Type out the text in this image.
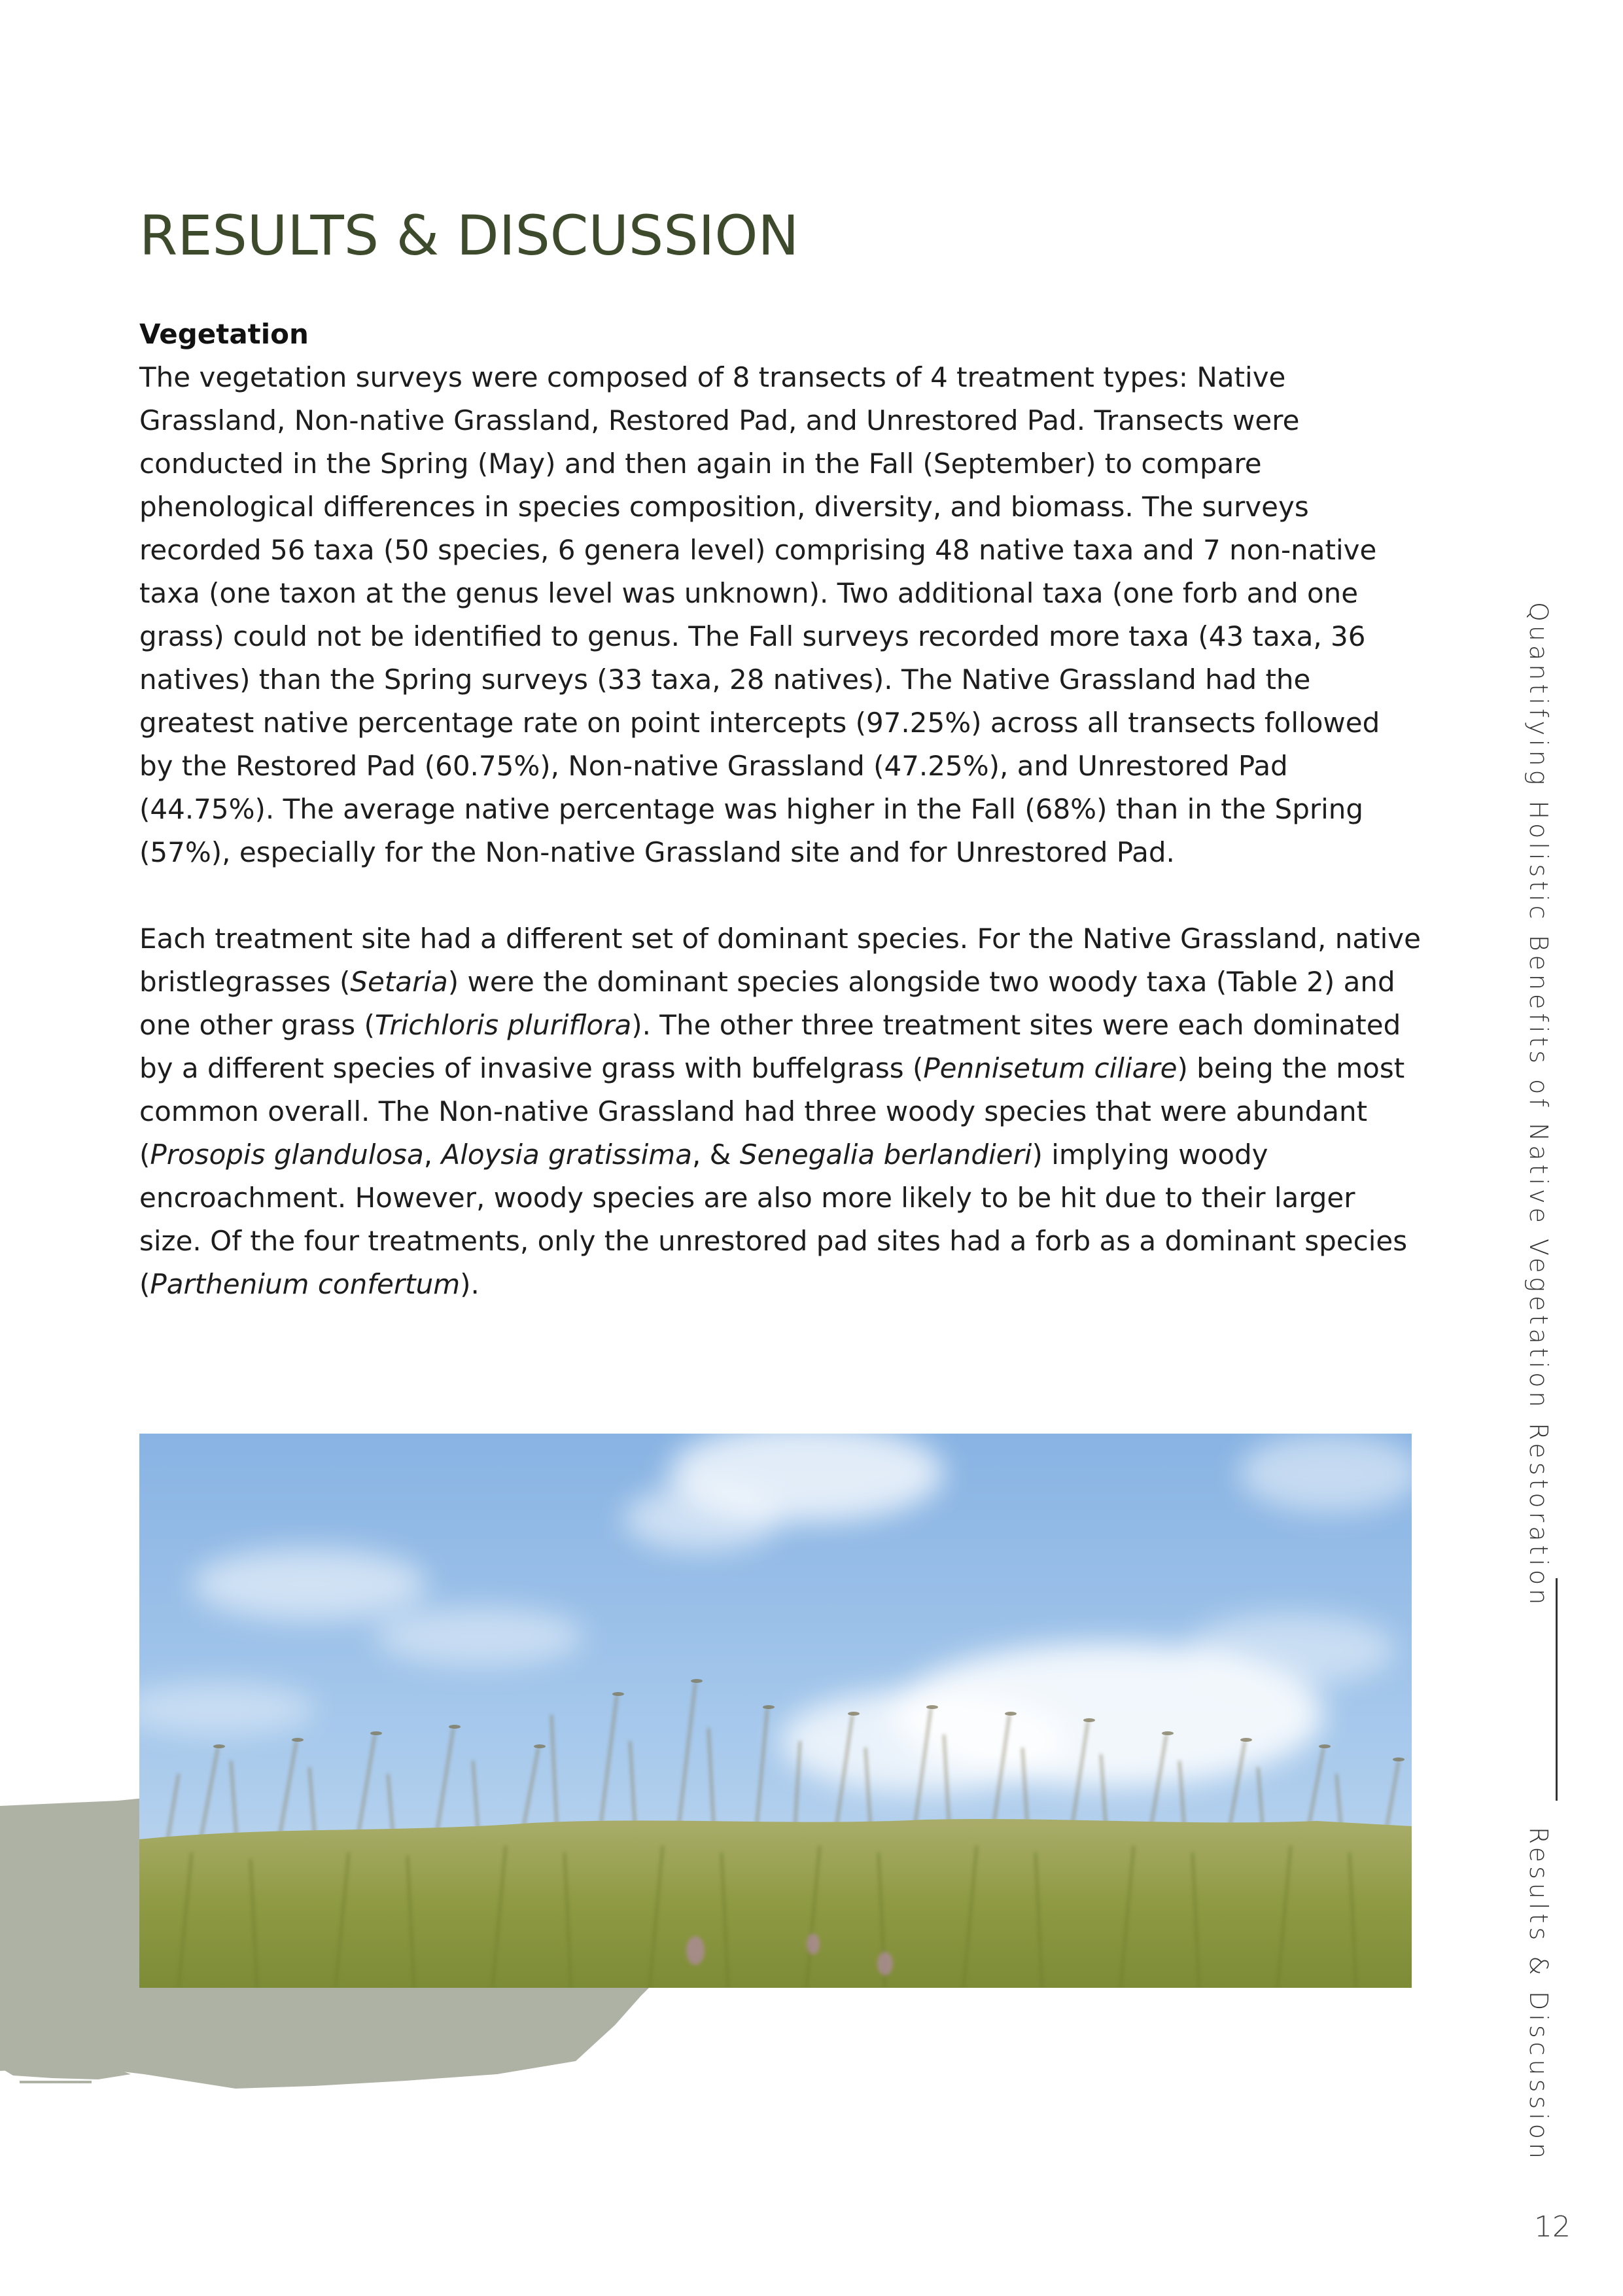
RESULTS & DISCUSSION

Vegetation

The vegetation surveys were composed of 8 transects of 4 treatment types: Native Grassland, Non-native Grassland, Restored Pad, and Unrestored Pad. Transects were conducted in the Spring (May) and then again in the Fall (September) to compare phenological differences in species composition, diversity, and biomass. The surveys recorded 56 taxa (50 species, 6 genera level) comprising 48 native taxa and 7 non-native taxa (one taxon at the genus level was unknown). Two additional taxa (one forb and one grass) could not be identified to genus. The Fall surveys recorded more taxa (43 taxa, 36 natives) than the Spring surveys (33 taxa, 28 natives). The Native Grassland had the greatest native percentage rate on point intercepts (97.25%) across all transects followed by the Restored Pad (60.75%), Non-native Grassland (47.25%), and Unrestored Pad (44.75%). The average native percentage was higher in the Fall (68%) than in the Spring (57%), especially for the Non-native Grassland site and for Unrestored Pad.

Each treatment site had a different set of dominant species. For the Native Grassland, native bristlegrasses (Setaria) were the dominant species alongside two woody taxa (Table 2) and one other grass (Trichloris pluriflora). The other three treatment sites were each dominated by a different species of invasive grass with buffelgrass (Pennisetum ciliare) being the most common overall. The Non-native Grassland had three woody species that were abundant (Prosopis glandulosa, Aloysia gratissima, & Senegalia berlandieri) implying woody encroachment. However, woody species are also more likely to be hit due to their larger size. Of the four treatments, only the unrestored pad sites had a forb as a dominant species (Parthenium confertum).	Quantifying Holistic Benefits of Native Vegetation Restoration
Results & Discussion
12
